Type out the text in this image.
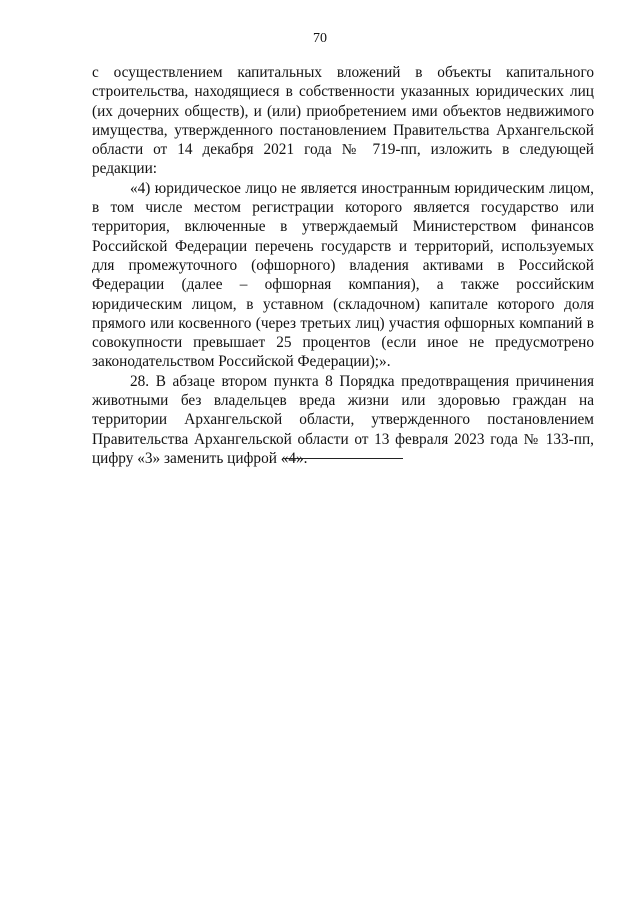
70

с осуществлением капитальных вложений в объекты капитального строительства, находящиеся в собственности указанных юридических лиц (их дочерних обществ), и (или) приобретением ими объектов недвижимого имущества, утвержденного постановлением Правительства Архангельской области от 14 декабря 2021 года № 719-пп, изложить в следующей редакции:

«4) юридическое лицо не является иностранным юридическим лицом, в том числе местом регистрации которого является государство или территория, включенные в утверждаемый Министерством финансов Российской Федерации перечень государств и территорий, используемых для промежуточного (офшорного) владения активами в Российской Федерации (далее – офшорная компания), а также российским юридическим лицом, в уставном (складочном) капитале которого доля прямого или косвенного (через третьих лиц) участия офшорных компаний в совокупности превышает 25 процентов (если иное не предусмотрено законодательством Российской Федерации);».

28. В абзаце втором пункта 8 Порядка предотвращения причинения животными без владельцев вреда жизни или здоровью граждан на территории Архангельской области, утвержденного постановлением Правительства Архангельской области от 13 февраля 2023 года № 133-пп, цифру «3» заменить цифрой «4».
